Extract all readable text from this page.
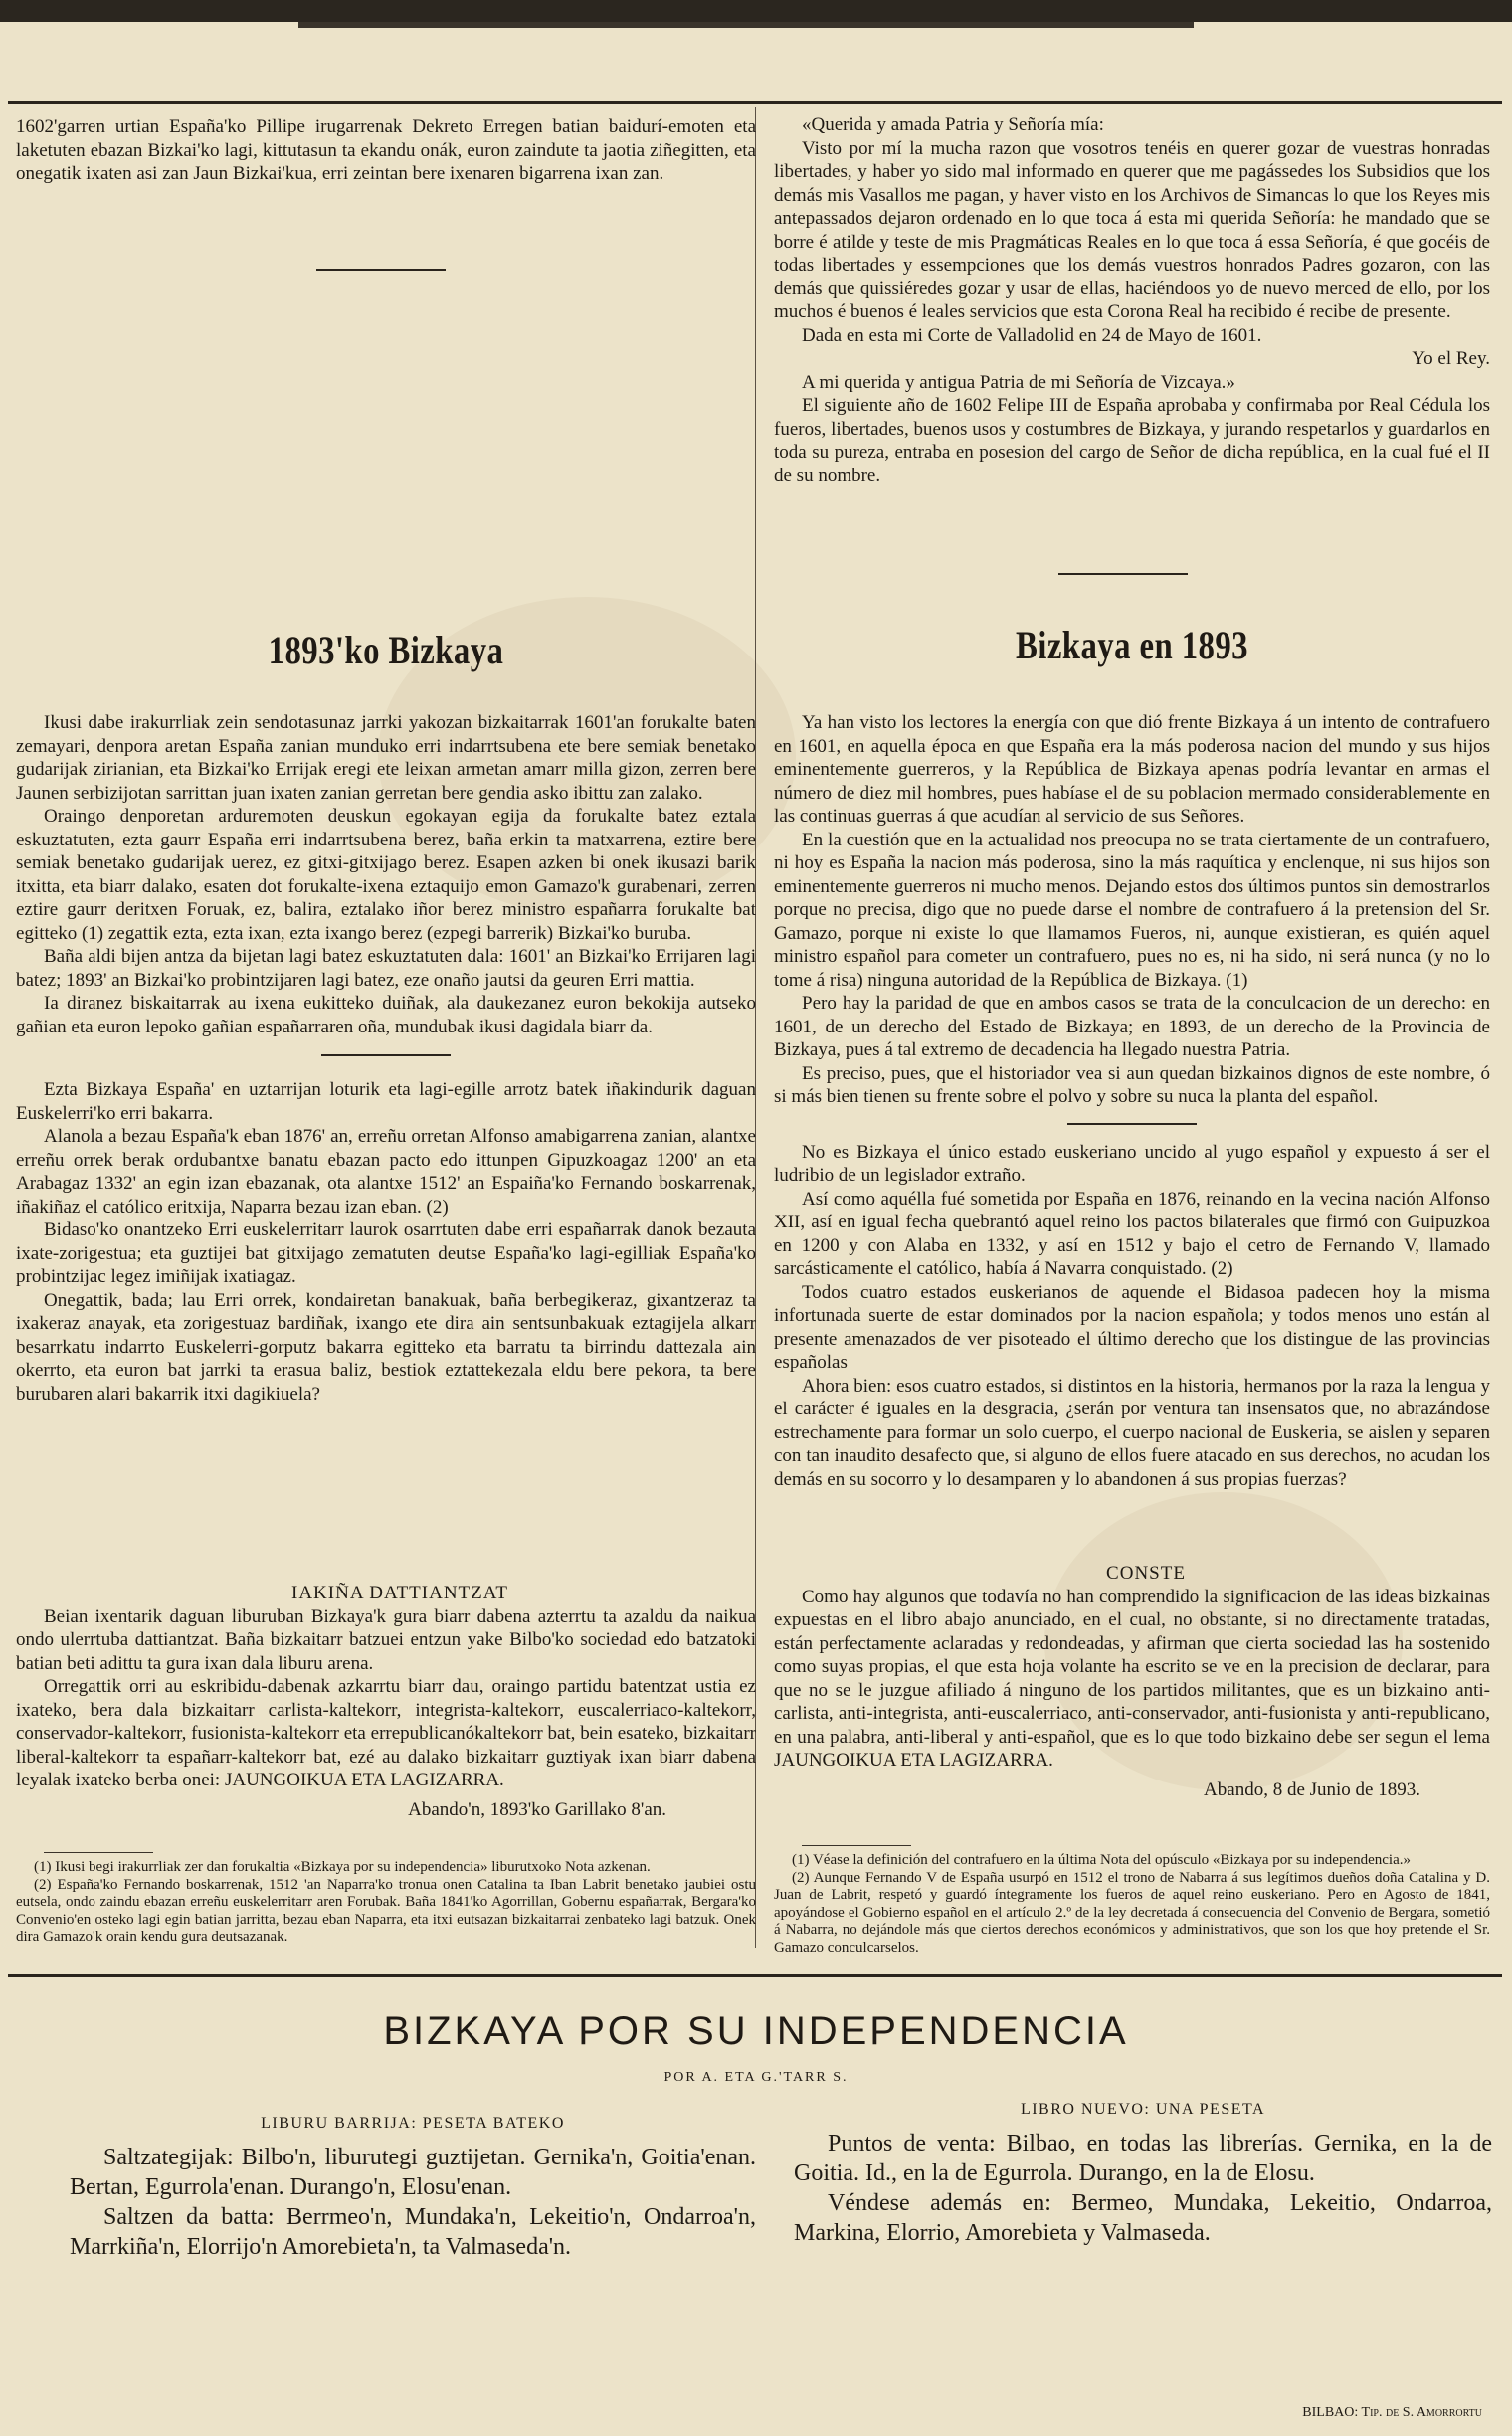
1602'garren urtian España'ko Pillipe irugarrenak Dekreto Erregen batian baidurí-emoten eta laketuten ebazan Bizkai'ko lagi, kittutasun ta ekandu onák, euron zaindute ta jaotia ziñegitten, eta onegatik ixaten asi zan Jaun Bizkai'kua, erri zeintan bere ixenaren bigarrena ixan zan.

1893'ko Bizkaya

Ikusi dabe irakurrliak zein sendotasunaz jarrki yakozan bizkaitarrak 1601'an forukalte baten zemayari, denpora aretan España zanian munduko erri indarrtsubena ete bere semiak benetako gudarijak zirianian, eta Bizkai'ko Errijak eregi ete leixan armetan amarr milla gizon, zerren bere Jaunen serbizijotan sarrittan juan ixaten zanian gerretan bere gendia asko ibittu zan zalako.

Oraingo denporetan arduremoten deuskun egokayan egija da forukalte batez eztala eskuztatuten, ezta gaurr España erri indarrtsubena berez, baña erkin ta matxarrena, eztire bere semiak benetako gudarijak uerez, ez gitxi-gitxijago berez. Esapen azken bi onek ikusazi barik itxitta, eta biarr dalako, esaten dot forukalte-ixena eztaquijo emon Gamazo'k gurabenari, zerren eztire gaurr deritxen Foruak, ez, balira, eztalako iñor berez ministro españarra forukalte bat egitteko (1) zegattik ezta, ezta ixan, ezta ixango berez (ezpegi barrerik) Bizkai'ko buruba.

Baña aldi bijen antza da bijetan lagi batez eskuztatuten dala: 1601' an Bizkai'ko Errijaren lagi batez; 1893' an Bizkai'ko probintzijaren lagi batez, eze onaño jautsi da geuren Erri mattia.

Ia diranez biskaitarrak au ixena eukitteko duiñak, ala daukezanez euron bekokija autseko gañian eta euron lepoko gañian españarraren oña, mundubak ikusi dagidala biarr da.

Ezta Bizkaya España' en uztarrijan loturik eta lagi-egille arrotz batek iñakindurik daguan Euskelerri'ko erri bakarra.

Alanola a bezau España'k eban 1876' an, erreñu orretan Alfonso amabigarrena zanian, alantxe erreñu orrek berak ordubantxe banatu ebazan pacto edo ittunpen Gipuzkoagaz 1200' an eta Arabagaz 1332' an egin izan ebazanak, ota alantxe 1512' an Espaiña'ko Fernando boskarrenak, iñakiñaz el católico eritxija, Naparra bezau izan eban. (2)

Bidaso'ko onantzeko Erri euskelerritarr laurok osarrtuten dabe erri españarrak danok bezauta ixate-zorigestua; eta guztijei bat gitxijago zematuten deutse España'ko lagi-egilliak España'ko probintzijac legez imiñijak ixatiagaz.

Onegattik, bada; lau Erri orrek, kondairetan banakuak, baña berbegikeraz, gixantzeraz ta ixakeraz anayak, eta zorigestuaz bardiñak, ixango ete dira ain sentsunbakuak eztagijela alkarr besarrkatu indarrto Euskelerri-gorputz bakarra egitteko eta barratu ta birrindu dattezala ain okerrto, eta euron bat jarrki ta erasua baliz, bestiok eztattekezala eldu bere pekora, ta bere burubaren alari bakarrik itxi dagikiuela?

IAKIÑA DATTIANTZAT

Beian ixentarik daguan liburuban Bizkaya'k gura biarr dabena azterrtu ta azaldu da naikua ondo ulerrtuba dattiantzat. Baña bizkaitarr batzuei entzun yake Bilbo'ko sociedad edo batzatoki batian beti adittu ta gura ixan dala liburu arena.

Orregattik orri au eskribidu-dabenak azkarrtu biarr dau, oraingo partidu batentzat ustia ez ixateko, bera dala bizkaitarr carlista-kaltekorr, integrista-kaltekorr, euscalerriaco-kaltekorr, conservador-kaltekorr, fusionista-kaltekorr eta errepublicanókaltekorr bat, bein esateko, bizkaitarr liberal-kaltekorr ta españarr-kaltekorr bat, ezé au dalako bizkaitarr guztiyak ixan biarr dabena leyalak ixateko berba onei: JAUNGOIKUA ETA LAGIZARRA.

Abando'n, 1893'ko Garillako 8'an.

(1) Ikusi begi irakurrliak zer dan forukaltia «Bizkaya por su independencia» liburutxoko Nota azkenan.

(2) España'ko Fernando boskarrenak, 1512 'an Naparra'ko tronua onen Catalina ta Iban Labrit benetako jaubiei ostu eutsela, ondo zaindu ebazan erreñu euskelerritarr aren Forubak. Baña 1841'ko Agorrillan, Gobernu españarrak, Bergara'ko Convenio'en osteko lagi egin batian jarritta, bezau eban Naparra, eta itxi eutsazan bizkaitarrai zenbateko lagi batzuk. Onek dira Gamazo'k orain kendu gura deutsazanak.

«Querida y amada Patria y Señoría mía:

Visto por mí la mucha razon que vosotros tenéis en querer gozar de vuestras honradas libertades, y haber yo sido mal informado en querer que me pagássedes los Subsidios que los demás mis Vasallos me pagan, y haver visto en los Archivos de Simancas lo que los Reyes mis antepassados dejaron ordenado en lo que toca á esta mi querida Señoría: he mandado que se borre é atilde y teste de mis Pragmáticas Reales en lo que toca á essa Señoría, é que gocéis de todas libertades y essempciones que los demás vuestros honrados Padres gozaron, con las demás que quissiéredes gozar y usar de ellas, haciéndoos yo de nuevo merced de ello, por los muchos é buenos é leales servicios que esta Corona Real ha recibido é recibe de presente.

Dada en esta mi Corte de Valladolid en 24 de Mayo de 1601.

Yo el Rey.

A mi querida y antigua Patria de mi Señoría de Vizcaya.»

El siguiente año de 1602 Felipe III de España aprobaba y confirmaba por Real Cédula los fueros, libertades, buenos usos y costumbres de Bizkaya, y jurando respetarlos y guardarlos en toda su pureza, entraba en posesion del cargo de Señor de dicha república, en la cual fué el II de su nombre.

Bizkaya en 1893

Ya han visto los lectores la energía con que dió frente Bizkaya á un intento de contrafuero en 1601, en aquella época en que España era la más poderosa nacion del mundo y sus hijos eminentemente guerreros, y la República de Bizkaya apenas podría levantar en armas el número de diez mil hombres, pues habíase el de su poblacion mermado considerablemente en las continuas guerras á que acudían al servicio de sus Señores.

En la cuestión que en la actualidad nos preocupa no se trata ciertamente de un contrafuero, ni hoy es España la nacion más poderosa, sino la más raquítica y enclenque, ni sus hijos son eminentemente guerreros ni mucho menos. Dejando estos dos últimos puntos sin demostrarlos porque no precisa, digo que no puede darse el nombre de contrafuero á la pretension del Sr. Gamazo, porque ni existe lo que llamamos Fueros, ni, aunque existieran, es quién aquel ministro español para cometer un contrafuero, pues no es, ni ha sido, ni será nunca (y no lo tome á risa) ninguna autoridad de la República de Bizkaya. (1)

Pero hay la paridad de que en ambos casos se trata de la conculcacion de un derecho: en 1601, de un derecho del Estado de Bizkaya; en 1893, de un derecho de la Provincia de Bizkaya, pues á tal extremo de decadencia ha llegado nuestra Patria.

Es preciso, pues, que el historiador vea si aun quedan bizkainos dignos de este nombre, ó si más bien tienen su frente sobre el polvo y sobre su nuca la planta del español.

No es Bizkaya el único estado euskeriano uncido al yugo español y expuesto á ser el ludribio de un legislador extraño.

Así como aquélla fué sometida por España en 1876, reinando en la vecina nación Alfonso XII, así en igual fecha quebrantó aquel reino los pactos bilaterales que firmó con Guipuzkoa en 1200 y con Alaba en 1332, y así en 1512 y bajo el cetro de Fernando V, llamado sarcásticamente el católico, había á Navarra conquistado. (2)

Todos cuatro estados euskerianos de aquende el Bidasoa padecen hoy la misma infortunada suerte de estar dominados por la nacion española; y todos menos uno están al presente amenazados de ver pisoteado el último derecho que los distingue de las provincias españolas

Ahora bien: esos cuatro estados, si distintos en la historia, hermanos por la raza la lengua y el carácter é iguales en la desgracia, ¿serán por ventura tan insensatos que, no abrazándose estrechamente para formar un solo cuerpo, el cuerpo nacional de Euskeria, se aislen y separen con tan inaudito desafecto que, si alguno de ellos fuere atacado en sus derechos, no acudan los demás en su socorro y lo desamparen y lo abandonen á sus propias fuerzas?

CONSTE

Como hay algunos que todavía no han comprendido la significacion de las ideas bizkainas expuestas en el libro abajo anunciado, en el cual, no obstante, si no directamente tratadas, están perfectamente aclaradas y redondeadas, y afirman que cierta sociedad las ha sostenido como suyas propias, el que esta hoja volante ha escrito se ve en la precision de declarar, para que no se le juzgue afiliado á ninguno de los partidos militantes, que es un bizkaino anti-carlista, anti-integrista, anti-euscalerriaco, anti-conservador, anti-fusionista y anti-republicano, en una palabra, anti-liberal y anti-español, que es lo que todo bizkaino debe ser segun el lema JAUNGOIKUA ETA LAGIZARRA.

Abando, 8 de Junio de 1893.

(1) Véase la definición del contrafuero en la última Nota del opúsculo «Bizkaya por su independencia.»

(2) Aunque Fernando V de España usurpó en 1512 el trono de Nabarra á sus legítimos dueños doña Catalina y D. Juan de Labrit, respetó y guardó íntegramente los fueros de aquel reino euskeriano. Pero en Agosto de 1841, apoyándose el Gobierno español en el artículo 2.º de la ley decretada á consecuencia del Convenio de Bergara, sometió á Nabarra, no dejándole más que ciertos derechos económicos y administrativos, que son los que hoy pretende el Sr. Gamazo conculcarselos.

BIZKAYA POR SU INDEPENDENCIA
POR A. ETA G.'TARR S.

LIBURU BARRIJA: PESETA BATEKO

Saltzategijak: Bilbo'n, liburutegi guztijetan. Gernika'n, Goitia'enan. Bertan, Egurrola'enan. Durango'n, Elosu'enan.

Saltzen da batta: Berrmeo'n, Mundaka'n, Lekeitio'n, Ondarroa'n, Marrkiña'n, Elorrijo'n Amorebieta'n, ta Valmaseda'n.

LIBRO NUEVO: UNA PESETA

Puntos de venta: Bilbao, en todas las librerías. Gernika, en la de Goitia. Id., en la de Egurrola. Durango, en la de Elosu.

Véndese además en: Bermeo, Mundaka, Lekeitio, Ondarroa, Markina, Elorrio, Amorebieta y Valmaseda.

BILBAO: Tip. de S. Amorrortu
